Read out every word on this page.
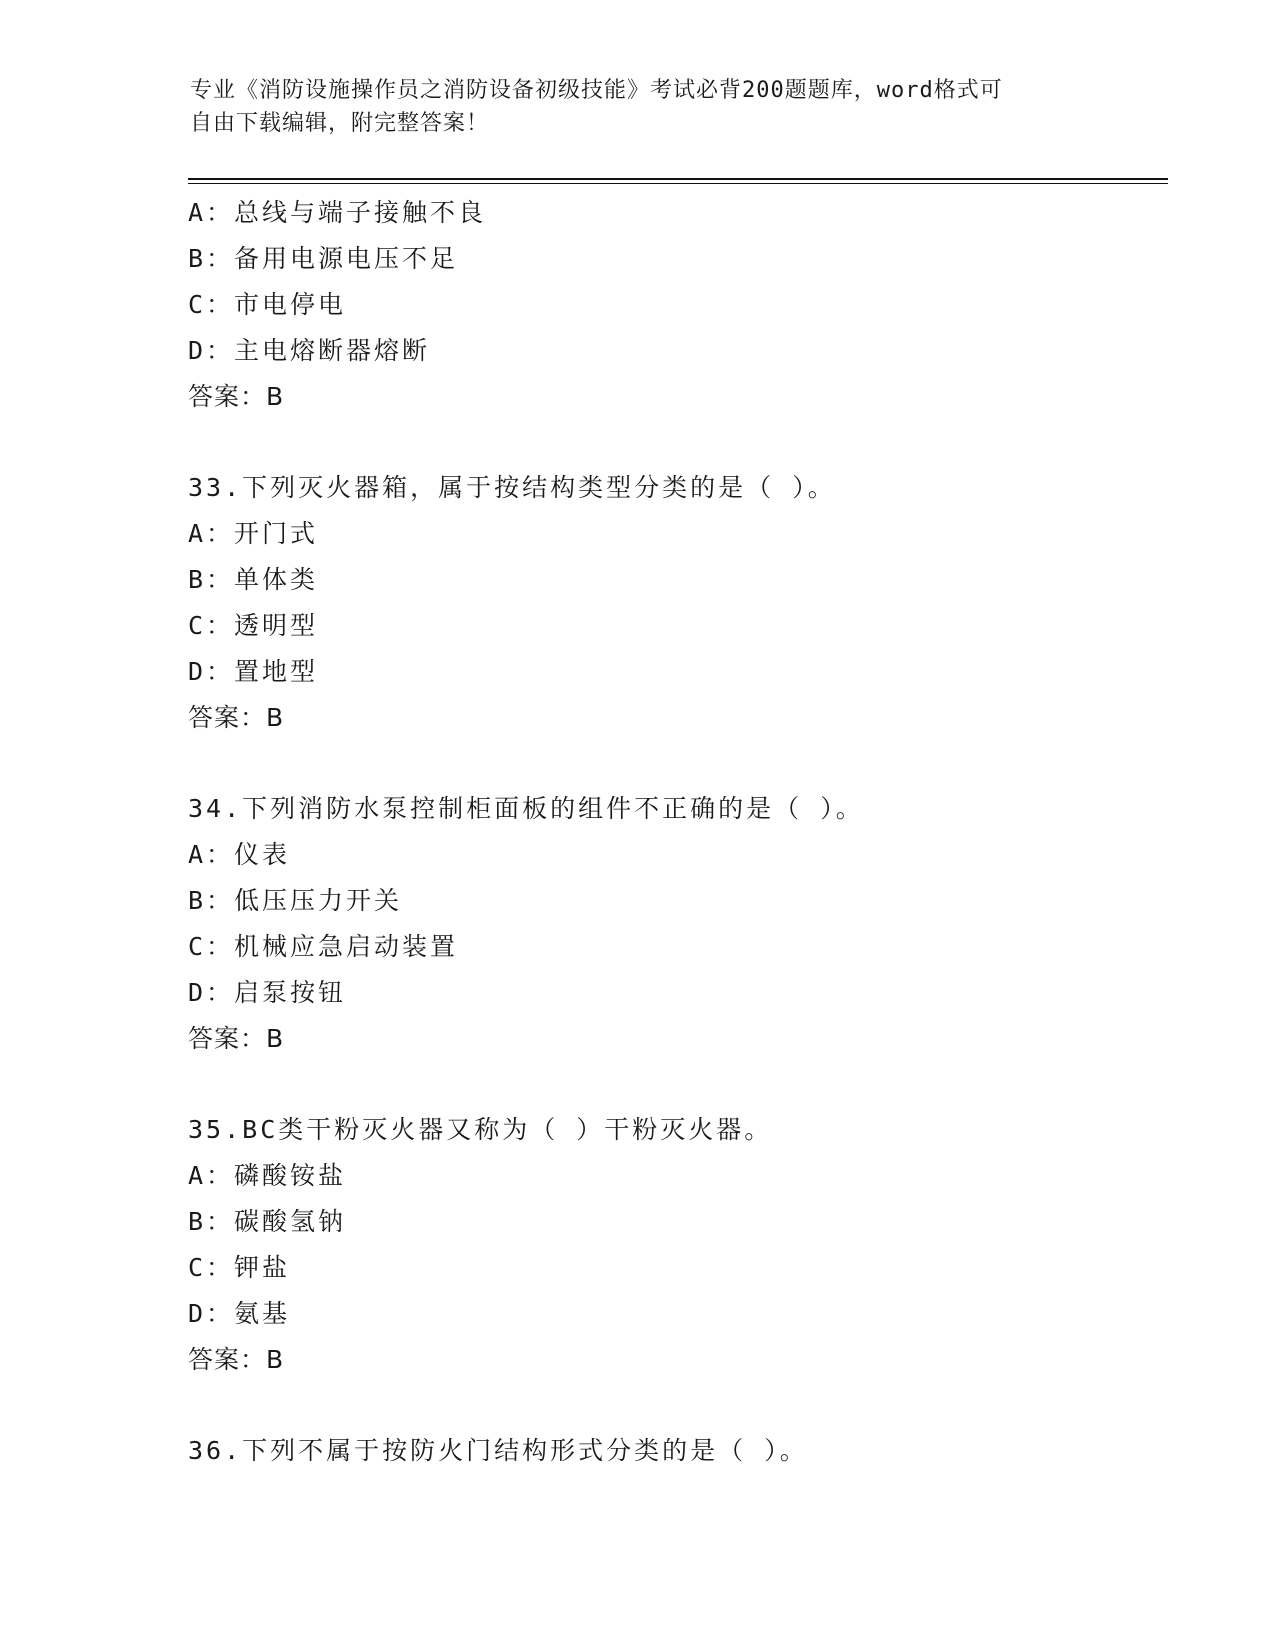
专业《消防设施操作员之消防设备初级技能》考试必背200题题库，word格式可
自由下载编辑，附完整答案！
A：总线与端子接触不良
B：备用电源电压不足
C：市电停电
D：主电熔断器熔断
答案：B
33.下列灭火器箱，属于按结构类型分类的是（ ）。
A：开门式
B：单体类
C：透明型
D：置地型
答案：B
34.下列消防水泵控制柜面板的组件不正确的是（ ）。
A：仪表
B：低压压力开关
C：机械应急启动装置
D：启泵按钮
答案：B
35.BC类干粉灭火器又称为（ ）干粉灭火器。
A：磷酸铵盐
B：碳酸氢钠
C：钾盐
D：氨基
答案：B
36.下列不属于按防火门结构形式分类的是（ ）。
